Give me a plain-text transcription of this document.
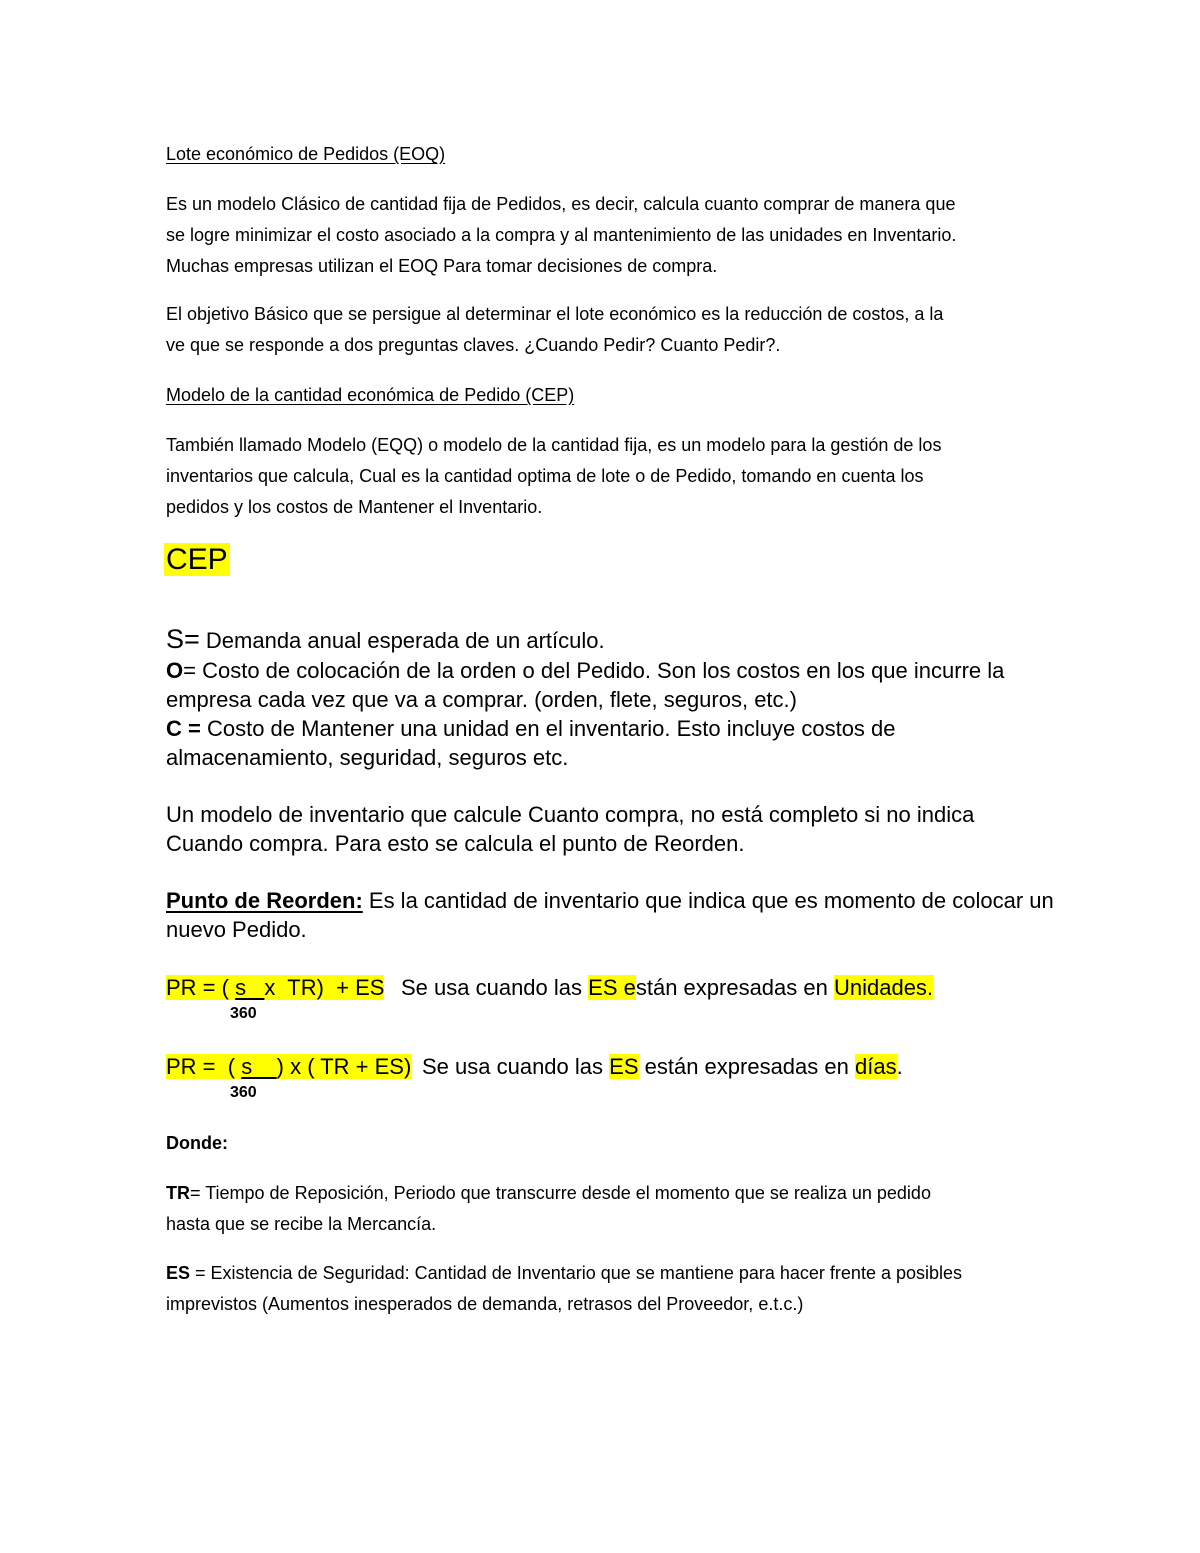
Lote económico de Pedidos (EOQ)

Es un modelo Clásico de cantidad fija de Pedidos, es decir, calcula cuanto comprar de manera que

se logre minimizar el costo asociado a la compra y al mantenimiento de las unidades en Inventario.

Muchas empresas utilizan el EOQ Para tomar decisiones de compra.

El objetivo Básico que se persigue al determinar el lote económico es la reducción de costos, a la

ve que se responde a dos preguntas claves. ¿Cuando Pedir? Cuanto Pedir?.

Modelo de la cantidad económica de Pedido (CEP)

También llamado Modelo (EQQ) o modelo de la cantidad fija, es un modelo para la gestión de los

inventarios que calcula, Cual es la cantidad optima de lote o de Pedido, tomando en cuenta los

pedidos y los costos de Mantener el Inventario.

CEP

S= Demanda anual esperada de un artículo.

O= Costo de colocación de la orden o del Pedido. Son los costos en los que incurre la

empresa cada vez que va a comprar. (orden, flete, seguros, etc.)

C = Costo de Mantener una unidad en el inventario. Esto incluye costos de

almacenamiento, seguridad, seguros etc.

Un modelo de inventario que calcule Cuanto compra, no está completo si no indica

Cuando compra. Para esto se calcula el punto de Reorden.

Punto de Reorden: Es la cantidad de inventario que indica que es momento de colocar un

nuevo Pedido.

PR = ( s   x  TR)  + ES

360

Se usa cuando las ES están expresadas en Unidades.

PR =  ( s    ) x ( TR + ES)

360

Se usa cuando las ES están expresadas en días.

Donde:

TR= Tiempo de Reposición, Periodo que transcurre desde el momento que se realiza un pedido

hasta que se recibe la Mercancía.

ES = Existencia de Seguridad: Cantidad de Inventario que se mantiene para hacer frente a posibles

imprevistos (Aumentos inesperados de demanda, retrasos del Proveedor, e.t.c.)
